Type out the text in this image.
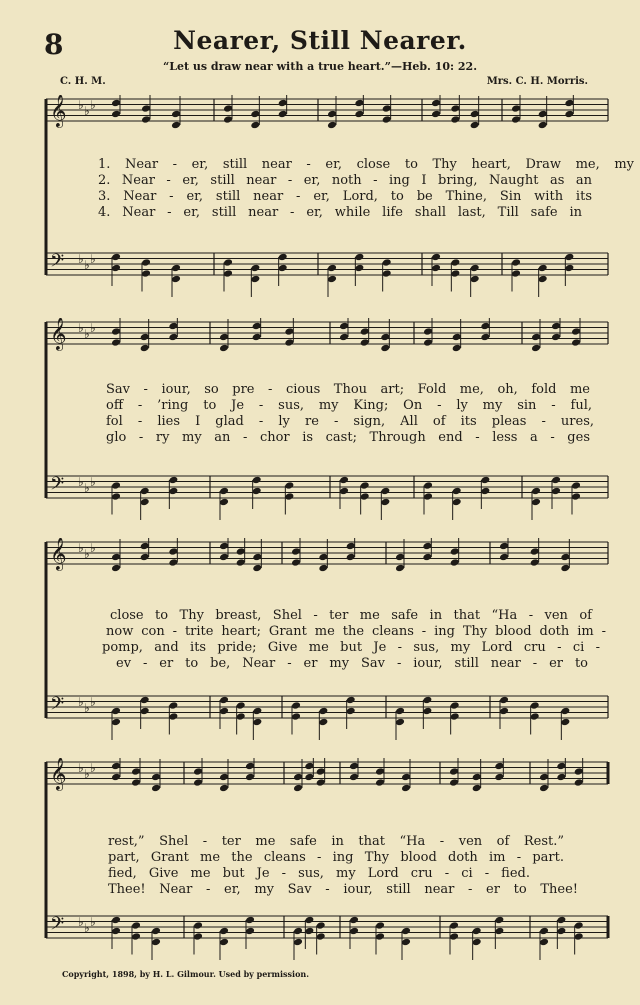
8	Nearer, Still Nearer.
“Let us draw near with a true heart.”—Heb. 10: 22.
C. H. M.	Mrs. C. H. Morris.
𝄞 ♭ ♭ ♭
𝄢 ♭ ♭ ♭
1. Near - er, still near - er, close to Thy heart, Draw me, my
2. Near - er, still near - er, noth - ing I bring, Naught as an
3. Near - er, still near - er, Lord, to be Thine, Sin with its
4. Near - er, still near - er, while life shall last, Till safe in
𝄞 ♭ ♭ ♭
𝄢 ♭ ♭ ♭
Sav - iour, so pre - cious Thou art; Fold me, oh, fold me
off - ’ring to Je - sus, my King; On - ly my sin - ful,
fol - lies I glad - ly re - sign, All of its pleas - ures,
glo - ry my an - chor is cast; Through end - less a - ges
𝄞 ♭ ♭ ♭
𝄢 ♭ ♭ ♭
close to Thy breast, Shel - ter me safe in that “Ha - ven of
now con - trite heart; Grant me the cleans - ing Thy blood doth im -
pomp, and its pride; Give me but Je - sus, my Lord cru - ci -
ev - er to be, Near - er my Sav - iour, still near - er to
𝄞 ♭ ♭ ♭
𝄢 ♭ ♭ ♭
rest,” Shel - ter me safe in that “Ha - ven of Rest.”
part, Grant me the cleans - ing Thy blood doth im - part.
fied, Give me but Je - sus, my Lord cru - ci - fied.
Thee! Near - er, my Sav - iour, still near - er to Thee!
Copyright, 1898, by H. L. Gilmour. Used by permission.
